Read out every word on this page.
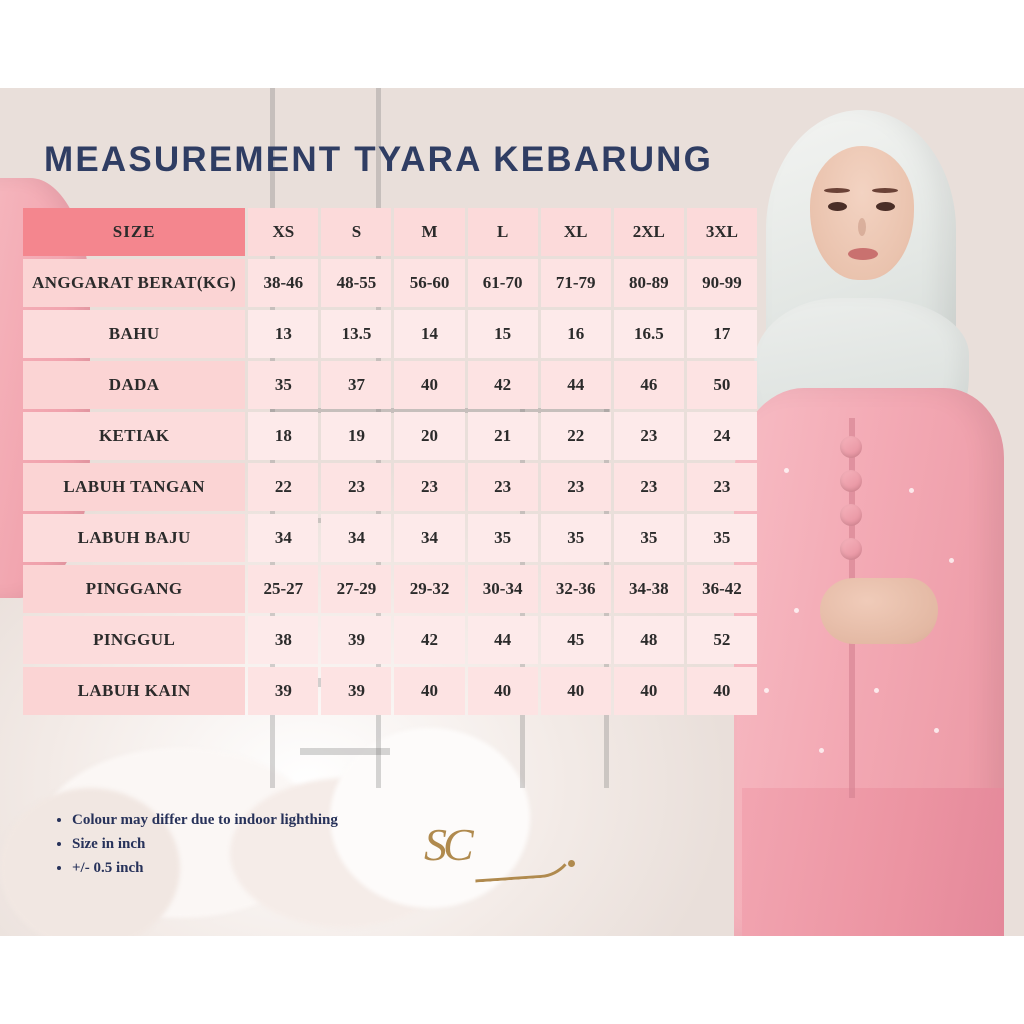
MEASUREMENT TYARA KEBARUNG
SIZE	XS	S	M	L	XL	2XL	3XL
ANGGARAT BERAT(KG)	38-46	48-55	56-60	61-70	71-79	80-89	90-99
BAHU	13	13.5	14	15	16	16.5	17
DADA	35	37	40	42	44	46	50
KETIAK	18	19	20	21	22	23	24
LABUH TANGAN	22	23	23	23	23	23	23
LABUH BAJU	34	34	34	35	35	35	35
PINGGANG	25-27	27-29	29-32	30-34	32-36	34-38	36-42
PINGGUL	38	39	42	44	45	48	52
LABUH KAIN	39	39	40	40	40	40	40
• Colour may differ due to indoor lighthing
• Size in inch
• +/- 0.5 inch	SC
